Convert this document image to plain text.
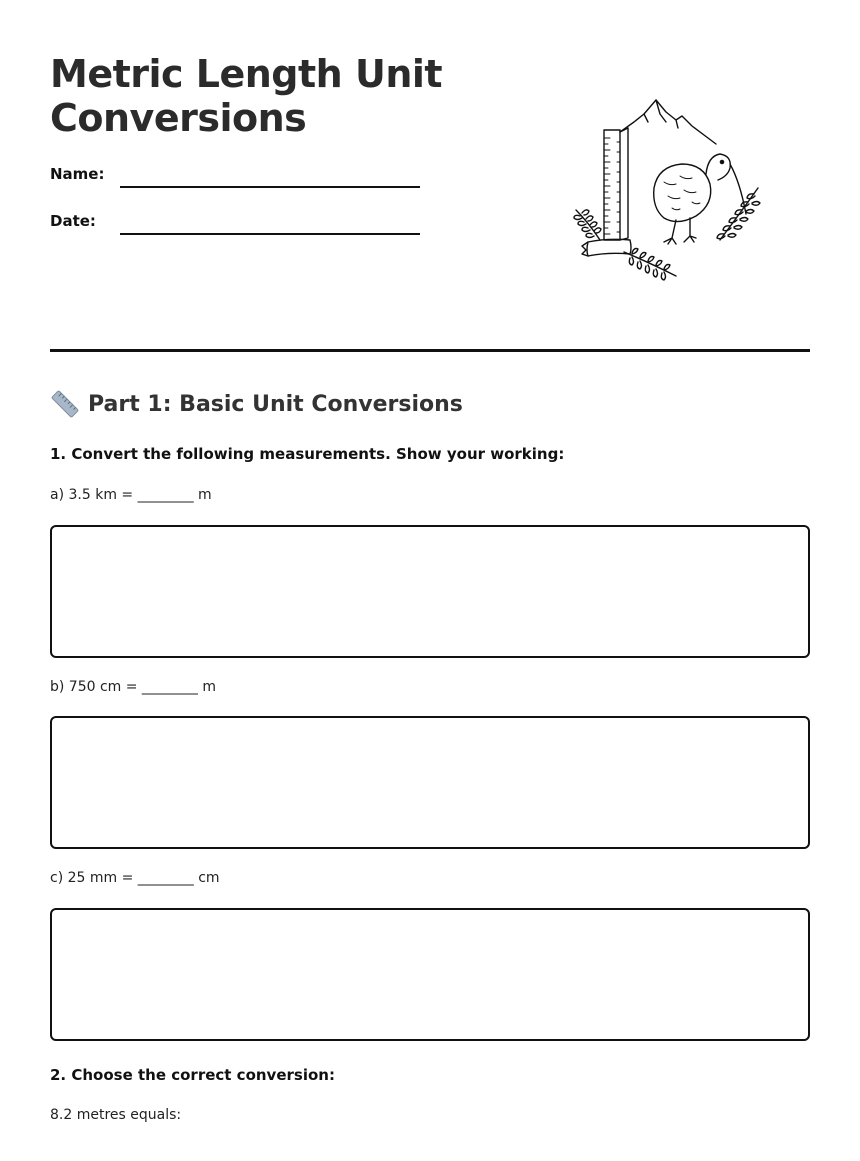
Metric Length Unit Conversions
Name:
Date:
Part 1: Basic Unit Conversions
1. Convert the following measurements. Show your working:
a) 3.5 km = ________ m
b) 750 cm = ________ m
c) 25 mm = ________ cm
2. Choose the correct conversion:
8.2 metres equals:
